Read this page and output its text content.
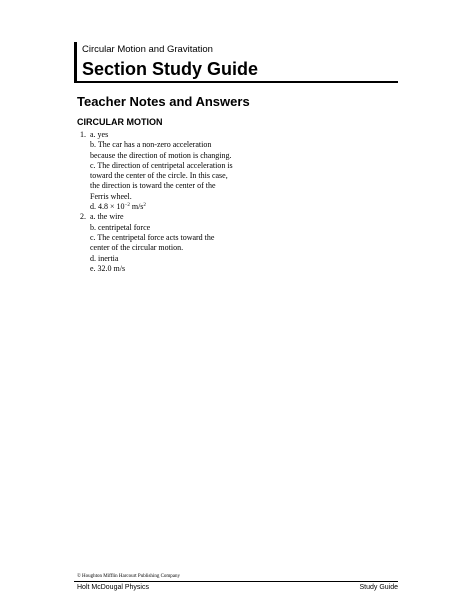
Circular Motion and Gravitation
Section Study Guide
Teacher Notes and Answers
CIRCULAR MOTION
1. a. yes
b. The car has a non-zero acceleration
because the direction of motion is changing.
c. The direction of centripetal acceleration is
toward the center of the circle. In this case,
the direction is toward the center of the
Ferris wheel.
d. $4.8 \times 10^{-2}$ $m/s^2$
2. a. the wire
b. centripetal force
c. The centripetal force acts toward the
center of the circular motion.
d. inertia
e. 32.0 m/s
© Houghton Mifflin Harcourt Publishing Company
Holt McDougal Physics	Study Guide
